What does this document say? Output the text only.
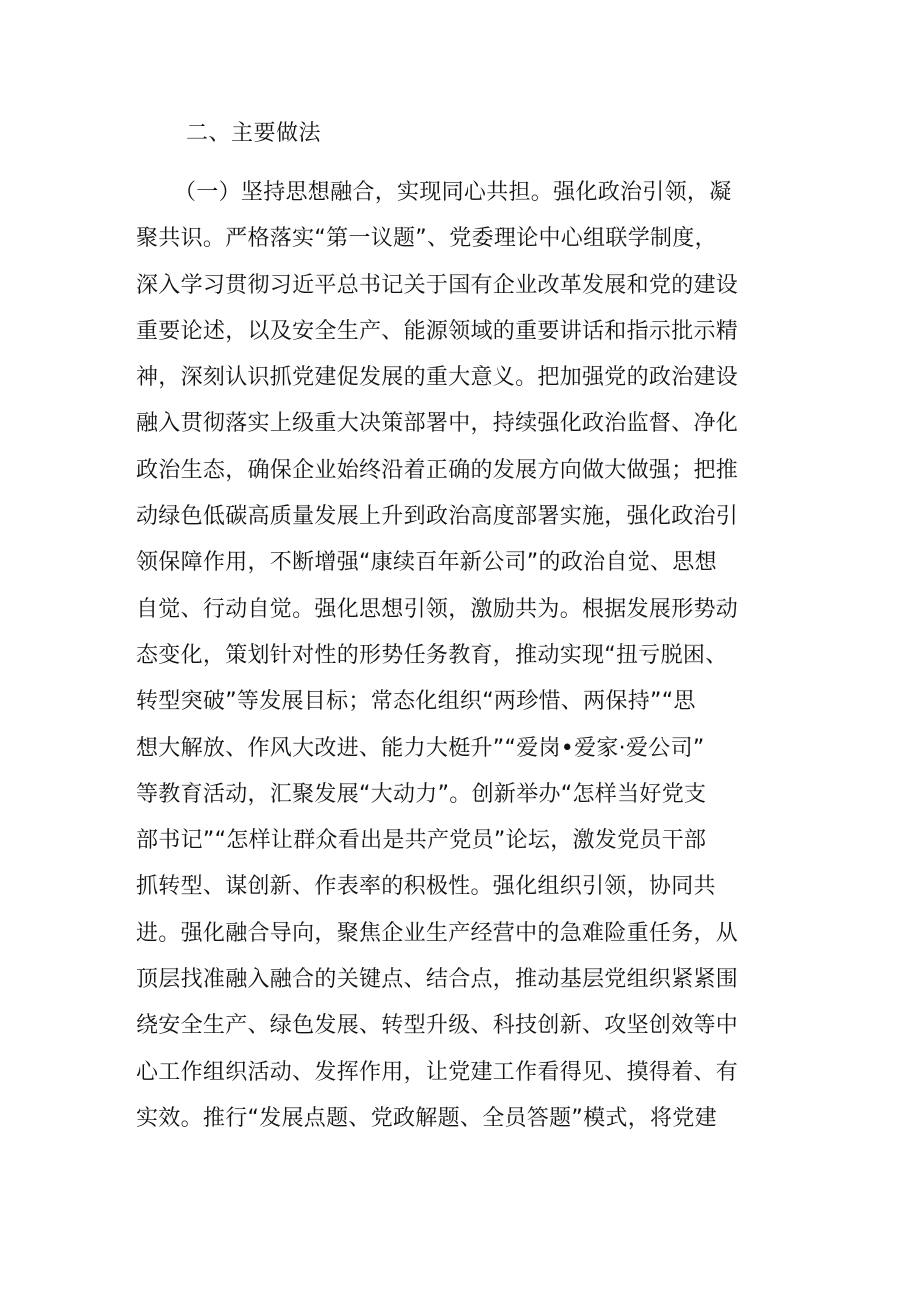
二、主要做法
（一）坚持思想融合，实现同心共担。强化政治引领，凝
聚共识。严格落实“第一议题”、党委理论中心组联学制度，
深入学习贯彻习近平总书记关于国有企业改革发展和党的建设
重要论述，以及安全生产、能源领域的重要讲话和指示批示精
神，深刻认识抓党建促发展的重大意义。把加强党的政治建设
融入贯彻落实上级重大决策部署中，持续强化政治监督、净化
政治生态，确保企业始终沿着正确的发展方向做大做强；把推
动绿色低碳高质量发展上升到政治高度部署实施，强化政治引
领保障作用，不断增强“康续百年新公司”的政治自觉、思想
自觉、行动自觉。强化思想引领，激励共为。根据发展形势动
态变化，策划针对性的形势任务教育，推动实现“扭亏脱困、
转型突破”等发展目标；常态化组织“两珍惜、两保持”“思
想大解放、作风大改进、能力大梃升”“爱岗•爱家·爱公司”
等教育活动，汇聚发展“大动力”。创新举办“怎样当好党支
部书记”“怎样让群众看出是共产党员”论坛，激发党员干部
抓转型、谋创新、作表率的积极性。强化组织引领，协同共
进。强化融合导向，聚焦企业生产经营中的急难险重任务，从
顶层找准融入融合的关键点、结合点，推动基层党组织紧紧围
绕安全生产、绿色发展、转型升级、科技创新、攻坚创效等中
心工作组织活动、发挥作用，让党建工作看得见、摸得着、有
实效。推行“发展点题、党政解题、全员答题”模式，将党建
